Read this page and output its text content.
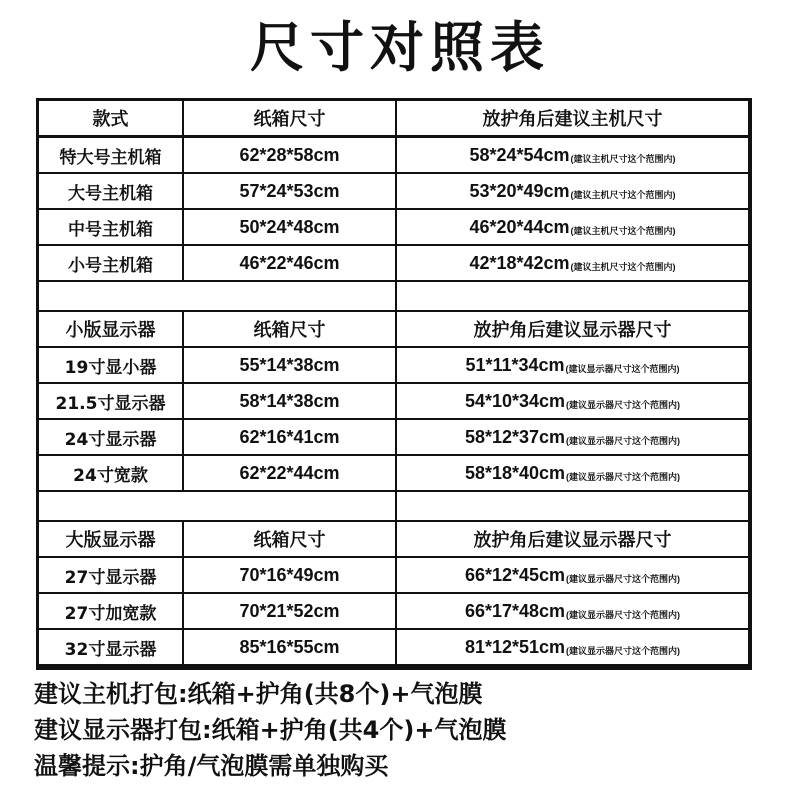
尺寸对照表
款式	纸箱尺寸	放护角后建议主机尺寸
特大号主机箱	62*28*58cm	58*24*54cm (建议主机尺寸这个范围内)
大号主机箱	57*24*53cm	53*20*49cm (建议主机尺寸这个范围内)
中号主机箱	50*24*48cm	46*20*44cm (建议主机尺寸这个范围内)
小号主机箱	46*22*46cm	42*18*42cm (建议主机尺寸这个范围内)
小版显示器	纸箱尺寸	放护角后建议显示器尺寸
19寸显小器	55*14*38cm	51*11*34cm (建议显示器尺寸这个范围内)
21.5寸显示器	58*14*38cm	54*10*34cm (建议显示器尺寸这个范围内)
24寸显示器	62*16*41cm	58*12*37cm (建议显示器尺寸这个范围内)
24寸宽款	62*22*44cm	58*18*40cm (建议显示器尺寸这个范围内)
大版显示器	纸箱尺寸	放护角后建议显示器尺寸
27寸显示器	70*16*49cm	66*12*45cm (建议显示器尺寸这个范围内)
27寸加宽款	70*21*52cm	66*17*48cm (建议显示器尺寸这个范围内)
32寸显示器	85*16*55cm	81*12*51cm (建议显示器尺寸这个范围内)
建议主机打包:纸箱+护角(共8个)+气泡膜
建议显示器打包:纸箱+护角(共4个)+气泡膜
温馨提示:护角/气泡膜需单独购买
